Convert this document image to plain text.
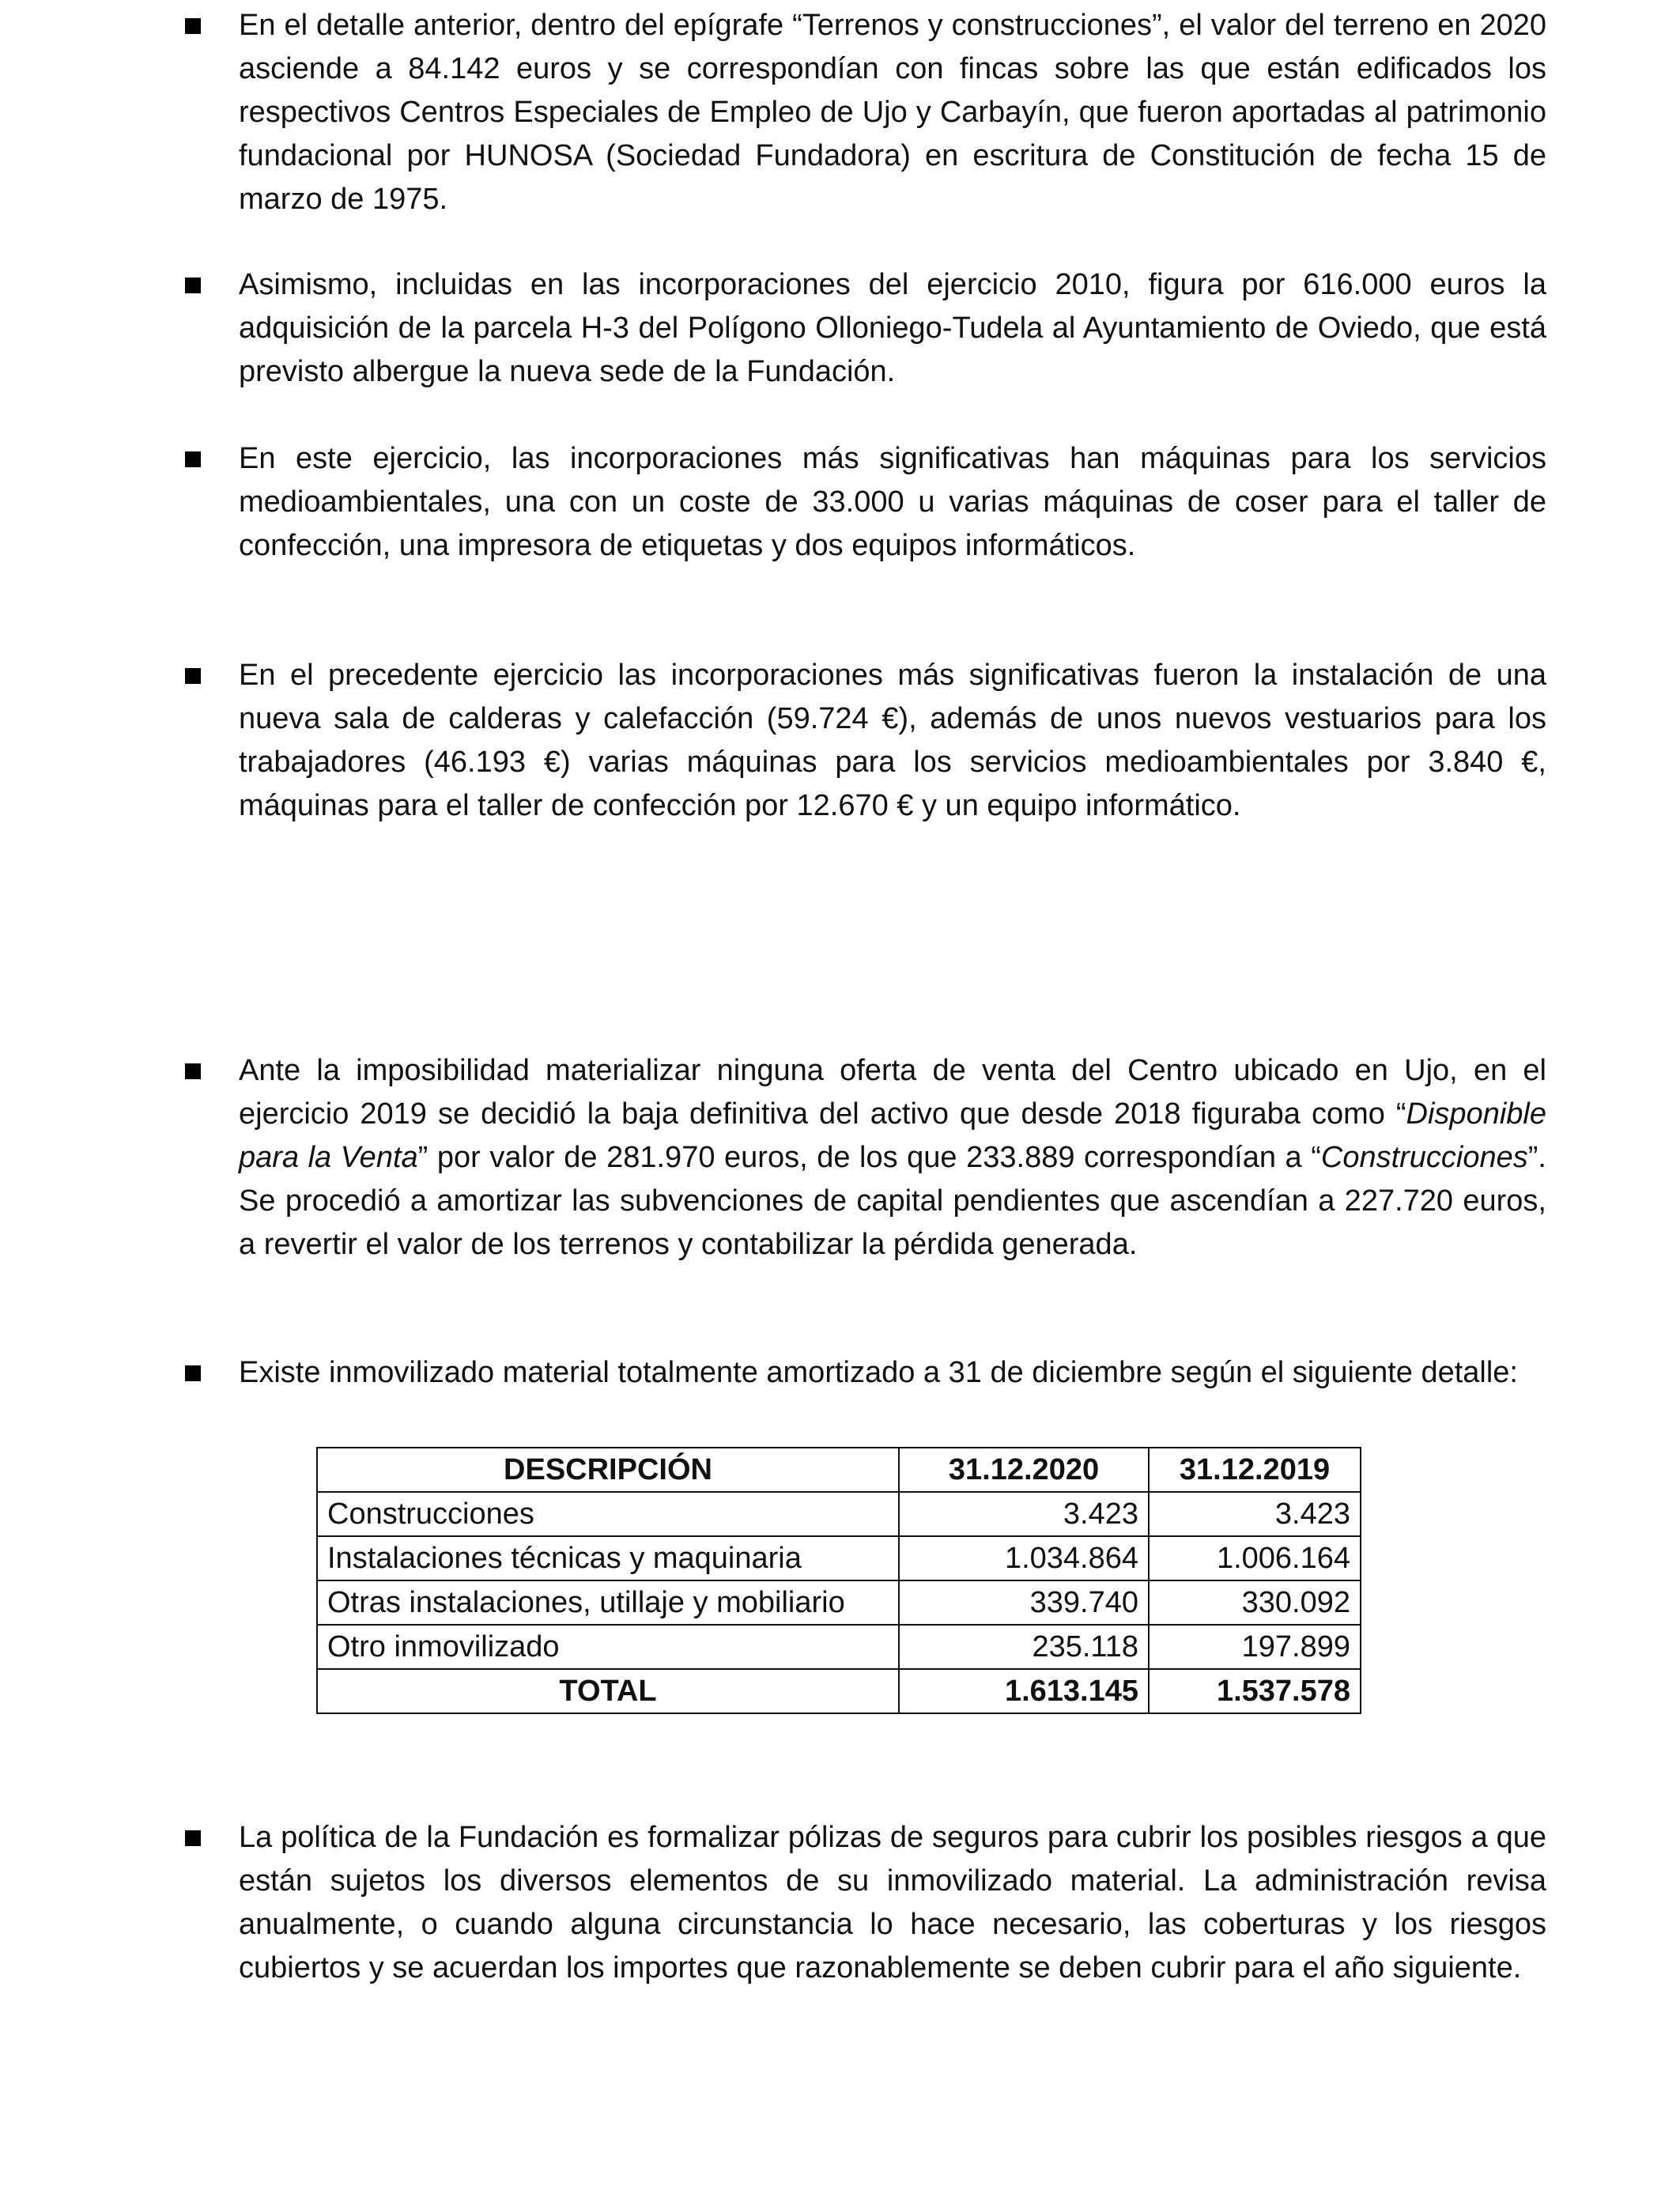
En el detalle anterior, dentro del epígrafe “Terrenos y construcciones”, el valor del terreno en 2020 asciende a 84.142 euros y se correspondían con fincas sobre las que están edificados los respectivos Centros Especiales de Empleo de Ujo y Carbayín, que fueron aportadas al patrimonio fundacional por HUNOSA (Sociedad Fundadora) en escritura de Constitución de fecha 15 de marzo de 1975.

Asimismo, incluidas en las incorporaciones del ejercicio 2010, figura por 616.000 euros la adquisición de la parcela H-3 del Polígono Olloniego-Tudela al Ayuntamiento de Oviedo, que está previsto albergue la nueva sede de la Fundación.

En este ejercicio, las incorporaciones más significativas han máquinas para los servicios medioambientales, una con un coste de 33.000 u varias máquinas de coser para el taller de confección, una impresora de etiquetas y dos equipos informáticos.

En el precedente ejercicio las incorporaciones más significativas fueron la instalación de una nueva sala de calderas y calefacción (59.724 €), además de unos nuevos vestuarios para los trabajadores (46.193 €) varias máquinas para los servicios medioambientales por 3.840 €, máquinas para el taller de confección por 12.670 € y un equipo informático.

Ante la imposibilidad materializar ninguna oferta de venta del Centro ubicado en Ujo, en el ejercicio 2019 se decidió la baja definitiva del activo que desde 2018 figuraba como “Disponible para la Venta” por valor de 281.970 euros, de los que 233.889 correspondían a “Construcciones”. Se procedió a amortizar las subvenciones de capital pendientes que ascendían a 227.720 euros, a revertir el valor de los terrenos y contabilizar la pérdida generada.

Existe inmovilizado material totalmente amortizado a 31 de diciembre según el siguiente detalle:

DESCRIPCIÓN	31.12.2020	31.12.2019
Construcciones	3.423	3.423
Instalaciones técnicas y maquinaria	1.034.864	1.006.164
Otras instalaciones, utillaje y mobiliario	339.740	330.092
Otro inmovilizado	235.118	197.899
TOTAL	1.613.145	1.537.578

La política de la Fundación es formalizar pólizas de seguros para cubrir los posibles riesgos a que están sujetos los diversos elementos de su inmovilizado material. La administración revisa anualmente, o cuando alguna circunstancia lo hace necesario, las coberturas y los riesgos cubiertos y se acuerdan los importes que razonablemente se deben cubrir para el año siguiente.
